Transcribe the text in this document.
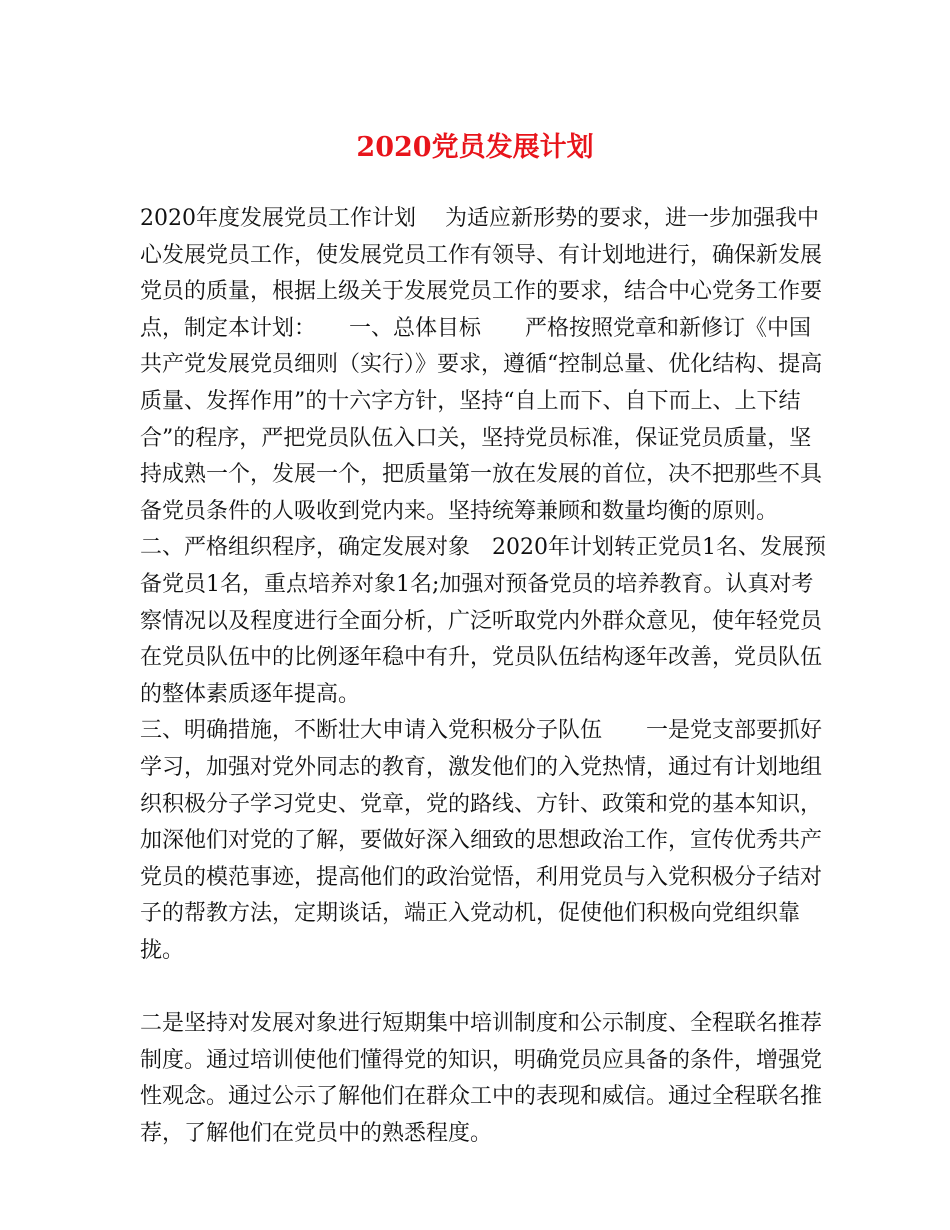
2020党员发展计划

2020年度发展党员工作计划　 为适应新形势的要求，进一步加强我中心发展党员工作，使发展党员工作有领导、有计划地进行，确保新发展党员的质量，根据上级关于发展党员工作的要求，结合中心党务工作要点，制定本计划：　　一、总体目标　　严格按照党章和新修订《中国共产党发展党员细则（实行）》要求，遵循“控制总量、优化结构、提高质量、发挥作用”的十六字方针，坚持“自上而下、自下而上、上下结合”的程序，严把党员队伍入口关，坚持党员标准，保证党员质量，坚持成熟一个，发展一个，把质量第一放在发展的首位，决不把那些不具备党员条件的人吸收到党内来。坚持统筹兼顾和数量均衡的原则。

二、严格组织程序，确定发展对象　2020年计划转正党员1名、发展预备党员1名，重点培养对象1名;加强对预备党员的培养教育。认真对考察情况以及程度进行全面分析，广泛听取党内外群众意见，使年轻党员在党员队伍中的比例逐年稳中有升，党员队伍结构逐年改善，党员队伍的整体素质逐年提高。

三、明确措施，不断壮大申请入党积极分子队伍　　一是党支部要抓好学习，加强对党外同志的教育，激发他们的入党热情，通过有计划地组织积极分子学习党史、党章，党的路线、方针、政策和党的基本知识，加深他们对党的了解，要做好深入细致的思想政治工作，宣传优秀共产党员的模范事迹，提高他们的政治觉悟，利用党员与入党积极分子结对子的帮教方法，定期谈话，端正入党动机，促使他们积极向党组织靠拢。

二是坚持对发展对象进行短期集中培训制度和公示制度、全程联名推荐制度。通过培训使他们懂得党的知识，明确党员应具备的条件，增强党性观念。通过公示了解他们在群众工中的表现和威信。通过全程联名推荐，了解他们在党员中的熟悉程度。
